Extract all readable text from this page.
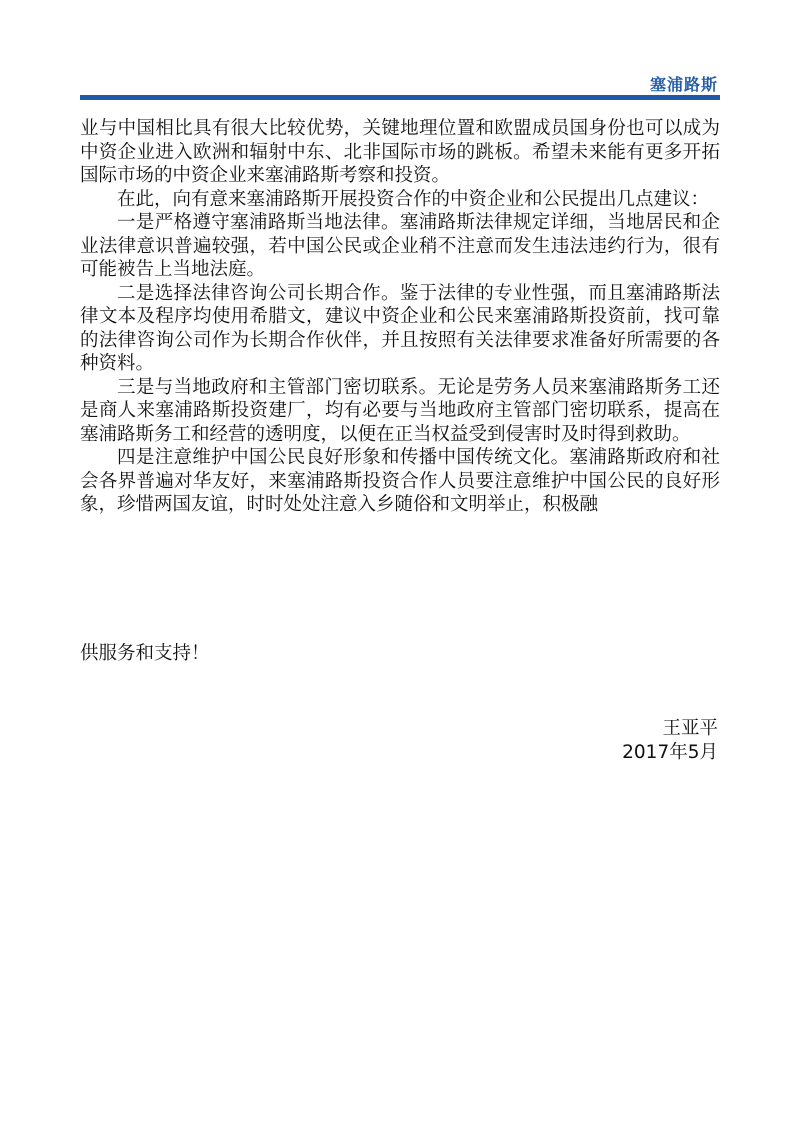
塞浦路斯

业与中国相比具有很大比较优势，关键地理位置和欧盟成员国身份也可以成为中资企业进入欧洲和辐射中东、北非国际市场的跳板。希望未来能有更多开拓国际市场的中资企业来塞浦路斯考察和投资。

在此，向有意来塞浦路斯开展投资合作的中资企业和公民提出几点建议：

一是严格遵守塞浦路斯当地法律。塞浦路斯法律规定详细，当地居民和企业法律意识普遍较强，若中国公民或企业稍不注意而发生违法违约行为，很有可能被告上当地法庭。

二是选择法律咨询公司长期合作。鉴于法律的专业性强，而且塞浦路斯法律文本及程序均使用希腊文，建议中资企业和公民来塞浦路斯投资前，找可靠的法律咨询公司作为长期合作伙伴，并且按照有关法律要求准备好所需要的各种资料。

三是与当地政府和主管部门密切联系。无论是劳务人员来塞浦路斯务工还是商人来塞浦路斯投资建厂，均有必要与当地政府主管部门密切联系，提高在塞浦路斯务工和经营的透明度，以便在正当权益受到侵害时及时得到救助。

四是注意维护中国公民良好形象和传播中国传统文化。塞浦路斯政府和社会各界普遍对华友好，来塞浦路斯投资合作人员要注意维护中国公民的良好形象，珍惜两国友谊，时时处处注意入乡随俗和文明举止，积极融

供服务和支持！
王亚平
2017年5月
